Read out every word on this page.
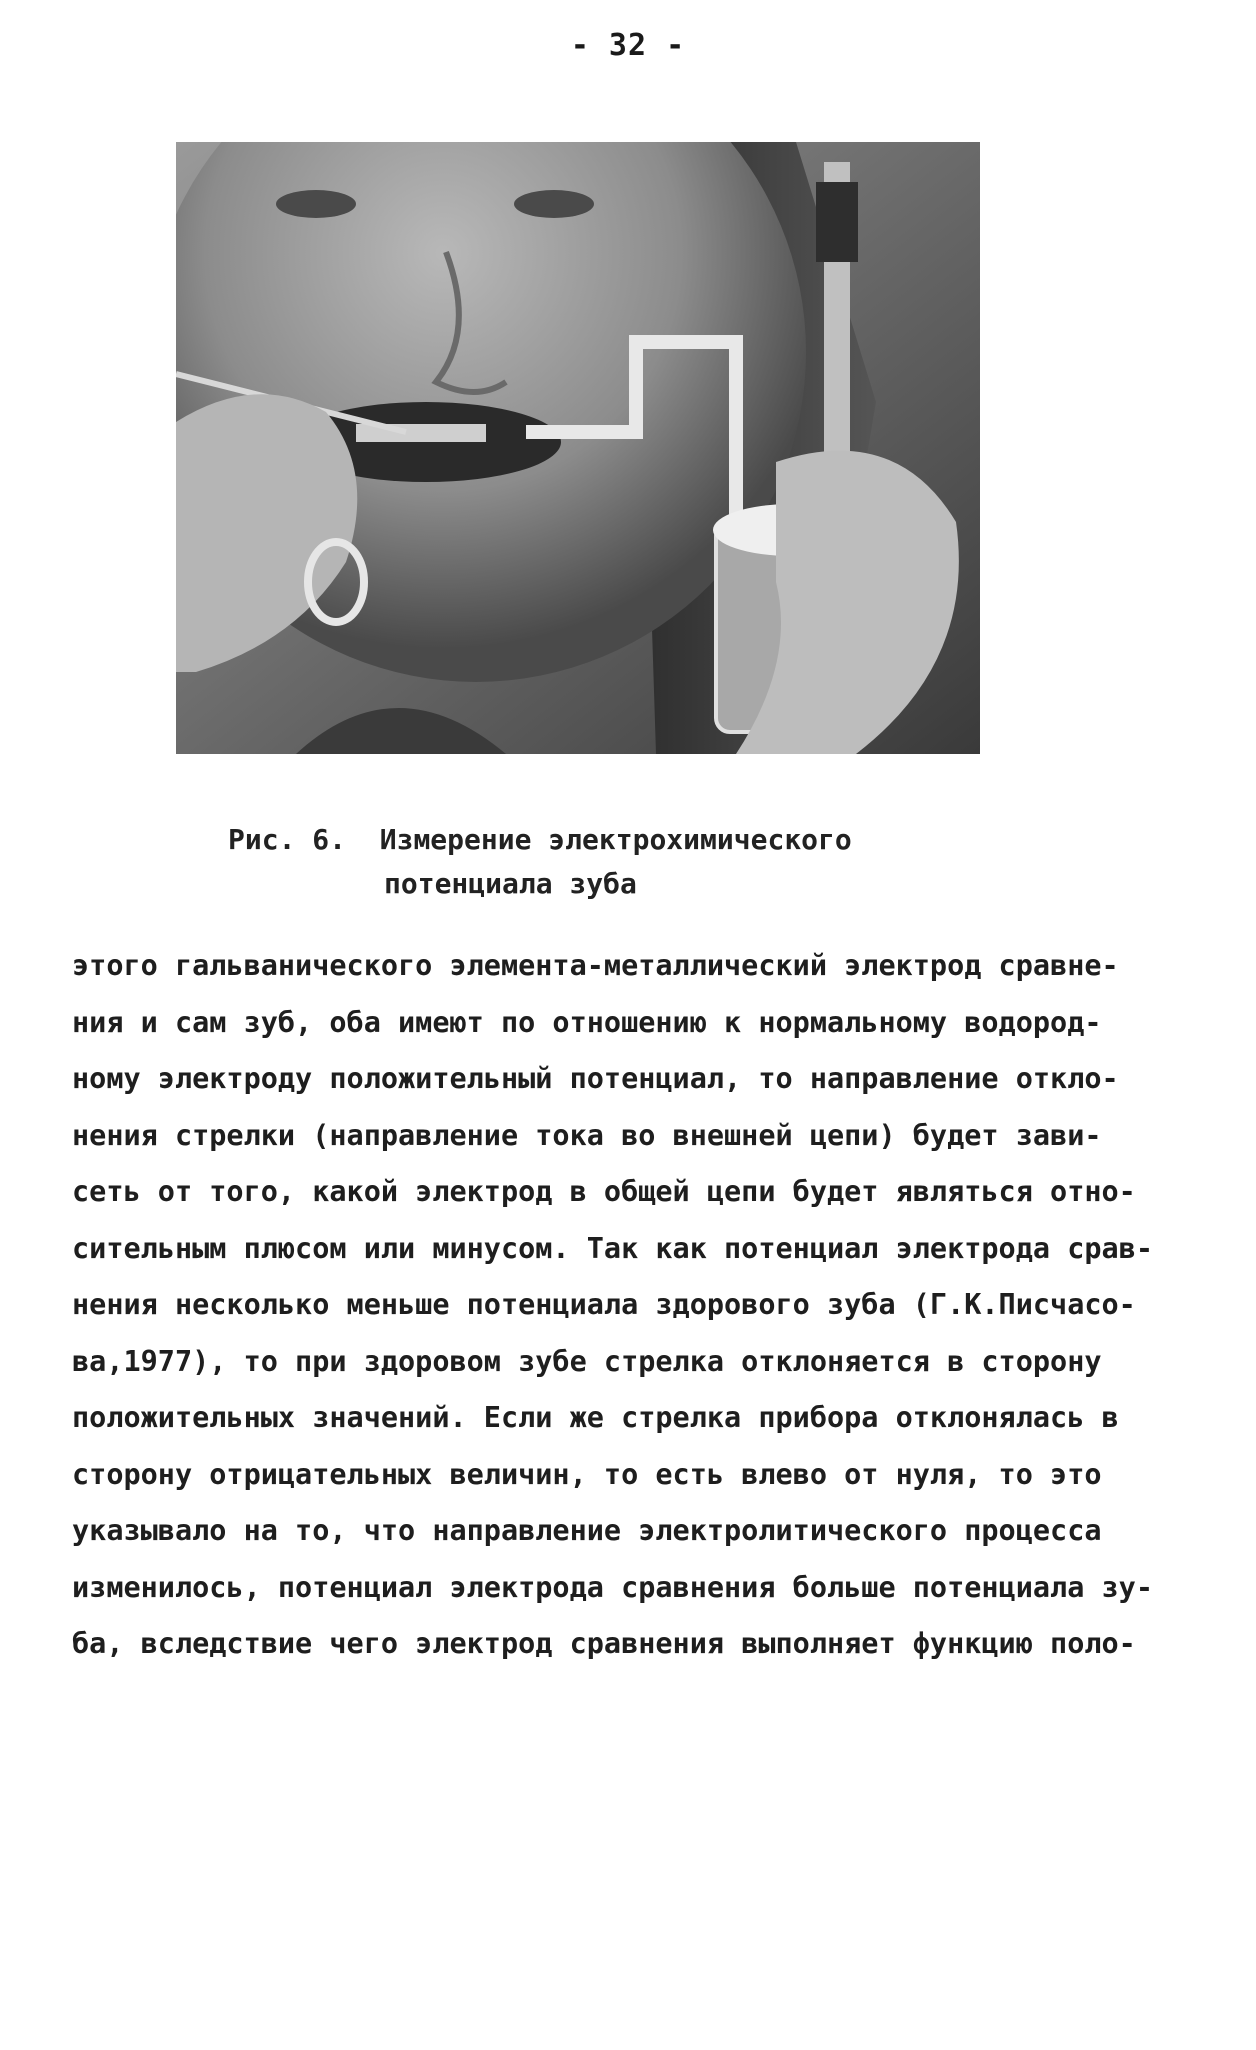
- 32 -
Рис. 6. Измерение электрохимического
потенциала зуба
этого гальванического элемента-металлический электрод сравне-
ния и сам зуб, оба имеют по отношению к нормальному водород-
ному электроду положительный потенциал, то направление откло-
нения стрелки (направление тока во внешней цепи) будет зави-
сеть от того, какой электрод в общей цепи будет являться отно-
сительным плюсом или минусом. Так как потенциал электрода срав-
нения несколько меньше потенциала здорового зуба (Г.К.Писчасо-
ва,1977), то при здоровом зубе стрелка отклоняется в сторону
положительных значений. Если же стрелка прибора отклонялась в
сторону отрицательных величин, то есть влево от нуля, то это
указывало на то, что направление электролитического процесса
изменилось, потенциал электрода сравнения больше потенциала зу-
ба, вследствие чего электрод сравнения выполняет функцию поло-
